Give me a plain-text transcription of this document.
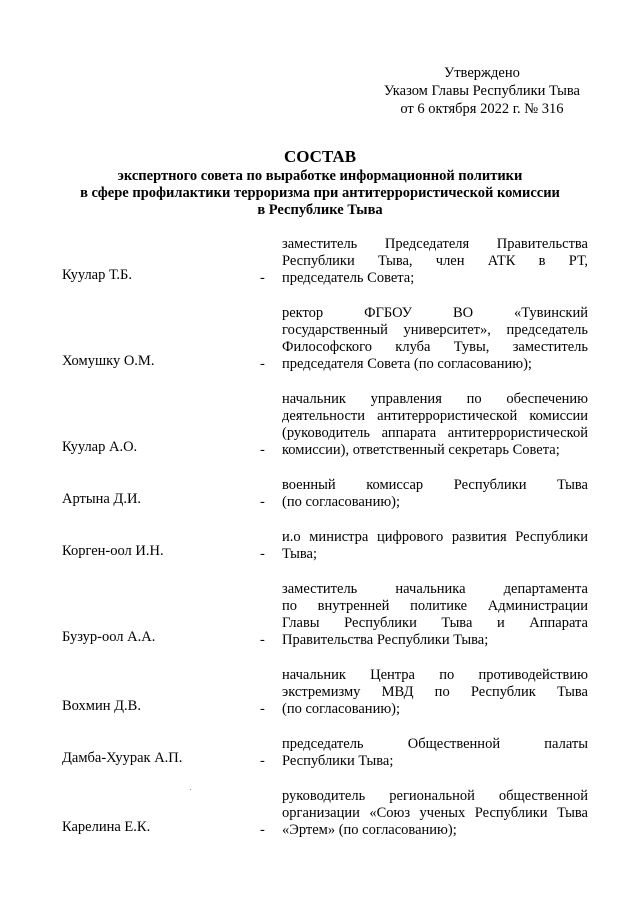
Утверждено
Указом Главы Республики Тыва
от 6 октября 2022 г. № 316
СОСТАВ
экспертного совета по выработке информационной политики
в сфере профилактики терроризма при антитеррористической комиссии
в Республике Тыва
Куулар Т.Б.	-
заместитель Председателя Правительства
Республики Тыва, член АТК в РТ,
председатель Совета;
Хомушку О.М.	-
ректор ФГБОУ ВО «Тувинский
государственный университет», председатель
Философского клуба Тувы, заместитель
председателя Совета (по согласованию);
Куулар А.О.	-
начальник управления по обеспечению
деятельности антитеррористической комиссии
(руководитель аппарата антитеррористической
комиссии), ответственный секретарь Совета;
Артына Д.И.	-
военный комиссар Республики Тыва
(по согласованию);
Корген-оол И.Н.	-
и.о министра цифрового развития Республики
Тыва;
Бузур-оол А.А.	-
заместитель начальника департамента
по внутренней политике Администрации
Главы Республики Тыва и Аппарата
Правительства Республики Тыва;
Вохмин Д.В.	-
начальник Центра по противодействию
экстремизму МВД по Республик Тыва
(по согласованию);
Дамба-Хуурак А.П.	-
председатель Общественной палаты
Республики Тыва;
Карелина Е.К.	-
руководитель региональной общественной
организации «Союз ученых Республики Тыва
«Эртем» (по согласованию);
